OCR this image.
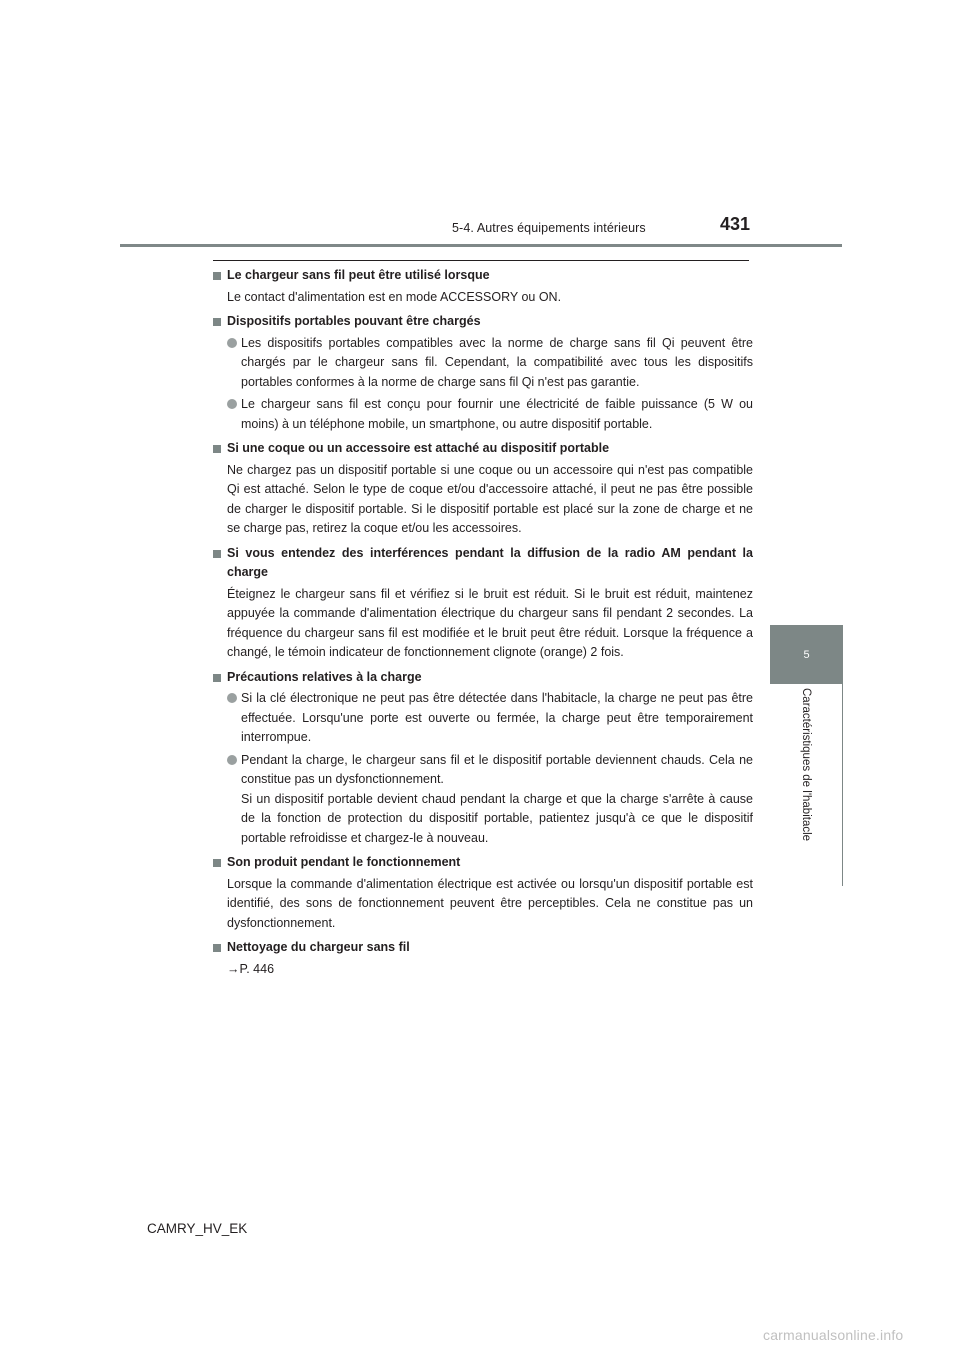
5-4. Autres équipements intérieurs	431
5
Caractéristiques de l'habitacle
Le chargeur sans fil peut être utilisé lorsque
Le contact d'alimentation est en mode ACCESSORY ou ON.
Dispositifs portables pouvant être chargés
Les dispositifs portables compatibles avec la norme de charge sans fil Qi peuvent être chargés par le chargeur sans fil. Cependant, la compatibilité avec tous les dispositifs portables conformes à la norme de charge sans fil Qi n'est pas garantie.
Le chargeur sans fil est conçu pour fournir une électricité de faible puissance (5 W ou moins) à un téléphone mobile, un smartphone, ou autre dispositif portable.
Si une coque ou un accessoire est attaché au dispositif portable
Ne chargez pas un dispositif portable si une coque ou un accessoire qui n'est pas compatible Qi est attaché. Selon le type de coque et/ou d'accessoire attaché, il peut ne pas être possible de charger le dispositif portable. Si le dispositif portable est placé sur la zone de charge et ne se charge pas, retirez la coque et/ou les accessoires.
Si vous entendez des interférences pendant la diffusion de la radio AM pendant la charge
Éteignez le chargeur sans fil et vérifiez si le bruit est réduit. Si le bruit est réduit, maintenez appuyée la commande d'alimentation électrique du chargeur sans fil pendant 2 secondes. La fréquence du chargeur sans fil est modifiée et le bruit peut être réduit. Lorsque la fréquence a changé, le témoin indicateur de fonctionnement clignote (orange) 2 fois.
Précautions relatives à la charge
Si la clé électronique ne peut pas être détectée dans l'habitacle, la charge ne peut pas être effectuée. Lorsqu'une porte est ouverte ou fermée, la charge peut être temporairement interrompue.
Pendant la charge, le chargeur sans fil et le dispositif portable deviennent chauds. Cela ne constitue pas un dysfonctionnement.
Si un dispositif portable devient chaud pendant la charge et que la charge s'arrête à cause de la fonction de protection du dispositif portable, patientez jusqu'à ce que le dispositif portable refroidisse et chargez-le à nouveau.
Son produit pendant le fonctionnement
Lorsque la commande d'alimentation électrique est activée ou lorsqu'un dispositif portable est identifié, des sons de fonctionnement peuvent être perceptibles. Cela ne constitue pas un dysfonctionnement.
Nettoyage du chargeur sans fil
→P. 446
CAMRY_HV_EK
carmanualsonline.info
